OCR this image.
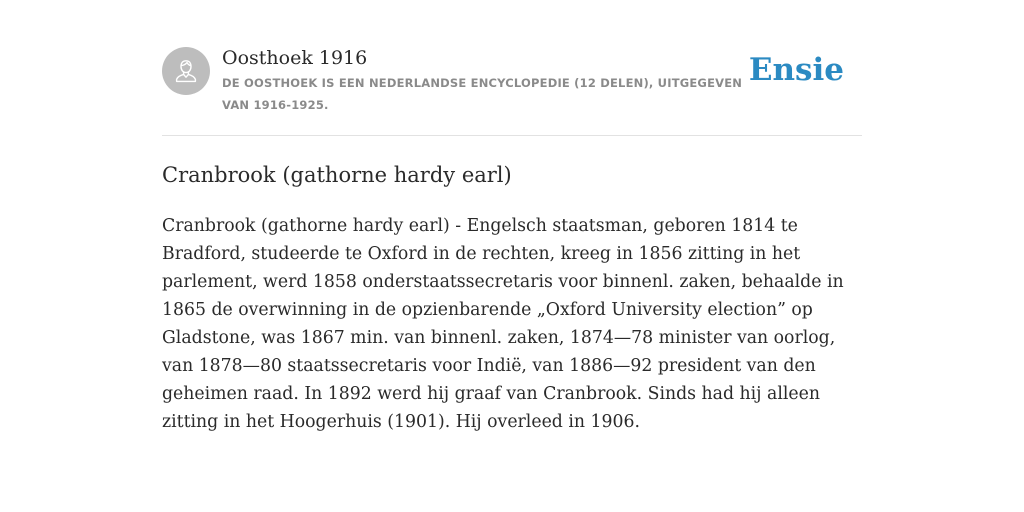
Oosthoek 1916
DE OOSTHOEK IS EEN NEDERLANDSE ENCYCLOPEDIE (12 DELEN), UITGEGEVEN VAN 1916-1925.
Ensie
Cranbrook (gathorne hardy earl)

Cranbrook (gathorne hardy earl) - Engelsch staatsman, geboren 1814 te Bradford, studeerde te Oxford in de rechten, kreeg in 1856 zitting in het parlement, werd 1858 onderstaatssecretaris voor binnenl. zaken, behaalde in 1865 de overwinning in de opzienbarende „Oxford University election” op Gladstone, was 1867 min. van binnenl. zaken, 1874—78 minister van oorlog, van 1878—80 staatssecretaris voor Indië, van 1886—92 president van den geheimen raad. In 1892 werd hij graaf van Cranbrook. Sinds had hij alleen zitting in het Hoogerhuis (1901). Hij overleed in 1906.
